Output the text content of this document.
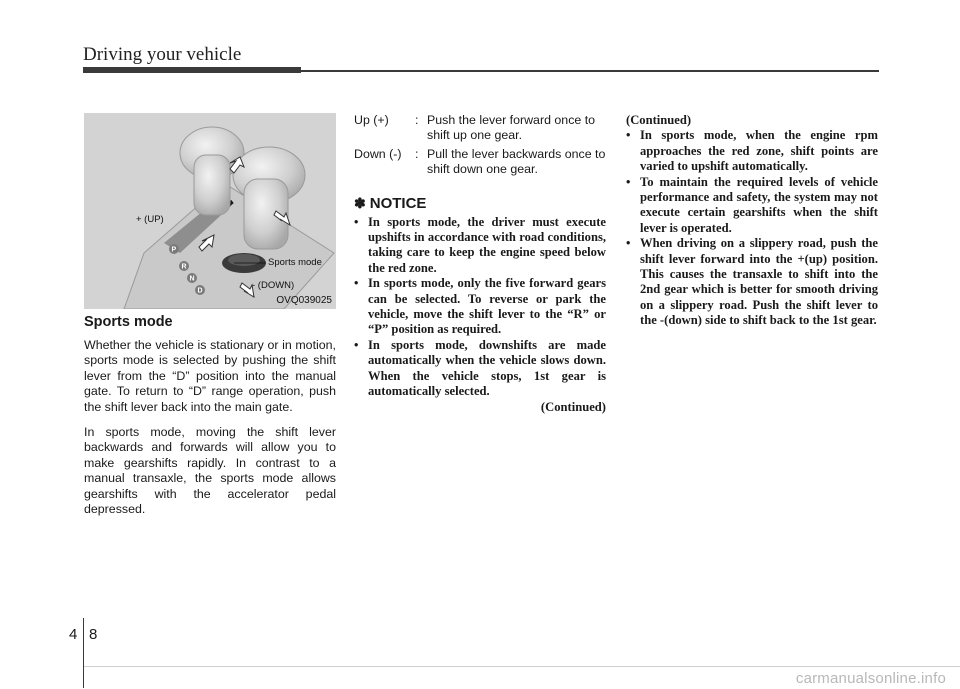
Driving your vehicle
P
R
N
D
+ (UP)
Sports mode
- (DOWN)
OVQ039025
Sports mode

Whether the vehicle is stationary or in motion, sports mode is selected by pushing the shift lever from the “D” position into the manual gate. To return to “D” range operation, push the shift lever back into the main gate.

In sports mode, moving the shift lever backwards and forwards will allow you to make gearshifts rapidly. In contrast to a manual transaxle, the sports mode allows gearshifts with the accelerator pedal depressed.

Up (+)	: Push the lever forward once to shift up one gear.
Down (-)	: Pull the lever backwards once to shift down one gear.
✽ NOTICE
• In sports mode, the driver must execute upshifts in accordance with road conditions, taking care to keep the engine speed below the red zone.
• In sports mode, only the five forward gears can be selected. To reverse or park the vehicle, move the shift lever to the “R” or “P” position as required.
• In sports mode, downshifts are made automatically when the vehicle slows down. When the vehicle stops, 1st gear is automatically selected.
(Continued)
(Continued)
• In sports mode, when the engine rpm approaches the red zone, shift points are varied to upshift automatically.
• To maintain the required levels of vehicle performance and safety, the system may not execute certain gearshifts when the shift lever is operated.
• When driving on a slippery road, push the shift lever forward into the +(up) position. This causes the transaxle to shift into the 2nd gear which is better for smooth driving on a slippery road. Push the shift lever to the -(down) side to shift back to the 1st gear.
4 8
carmanualsonline.info
